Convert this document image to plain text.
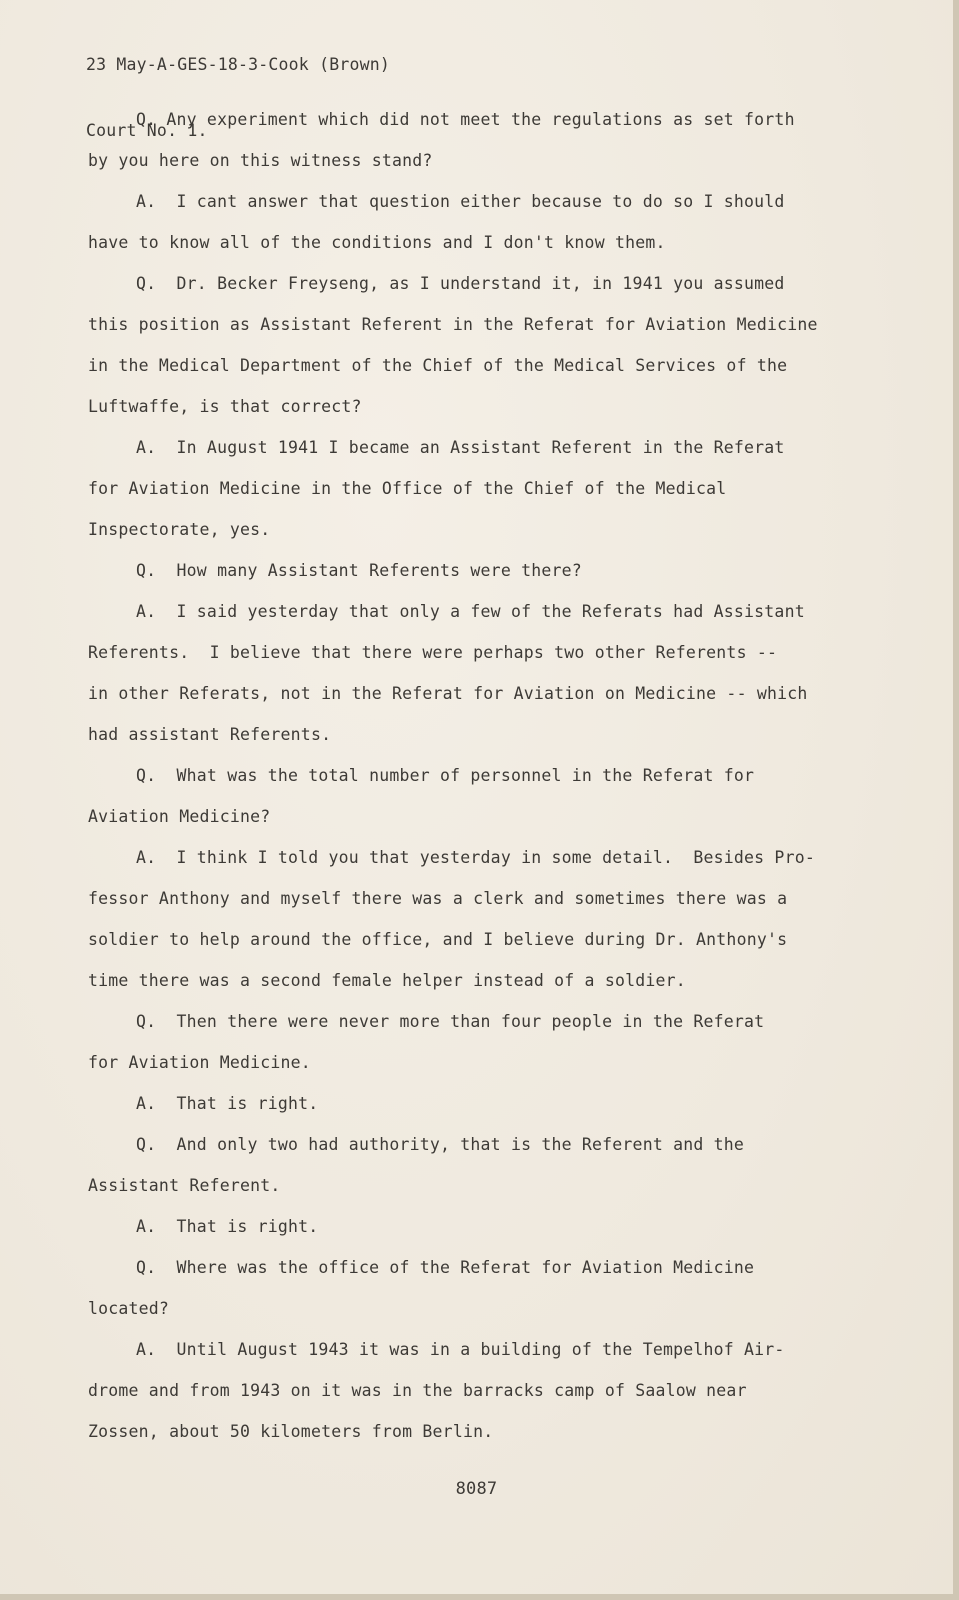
23 May-A-GES-18-3-Cook (Brown)

Court No. 1.

Q. Any experiment which did not meet the regulations as set forth
by you here on this witness stand?
A.  I cant answer that question either because to do so I should
have to know all of the conditions and I don't know them.
Q.  Dr. Becker Freyseng, as I understand it, in 1941 you assumed
this position as Assistant Referent in the Referat for Aviation Medicine
in the Medical Department of the Chief of the Medical Services of the
Luftwaffe, is that correct?
A.  In August 1941 I became an Assistant Referent in the Referat
for Aviation Medicine in the Office of the Chief of the Medical
Inspectorate, yes.
Q.  How many Assistant Referents were there?
A.  I said yesterday that only a few of the Referats had Assistant
Referents.  I believe that there were perhaps two other Referents --
in other Referats, not in the Referat for Aviation on Medicine -- which
had assistant Referents.
Q.  What was the total number of personnel in the Referat for
Aviation Medicine?
A.  I think I told you that yesterday in some detail.  Besides Pro-
fessor Anthony and myself there was a clerk and sometimes there was a
soldier to help around the office, and I believe during Dr. Anthony's
time there was a second female helper instead of a soldier.
Q.  Then there were never more than four people in the Referat
for Aviation Medicine.
A.  That is right.
Q.  And only two had authority, that is the Referent and the
Assistant Referent.
A.  That is right.
Q.  Where was the office of the Referat for Aviation Medicine
located?
A.  Until August 1943 it was in a building of the Tempelhof Air-
drome and from 1943 on it was in the barracks camp of Saalow near
Zossen, about 50 kilometers from Berlin.
8087
